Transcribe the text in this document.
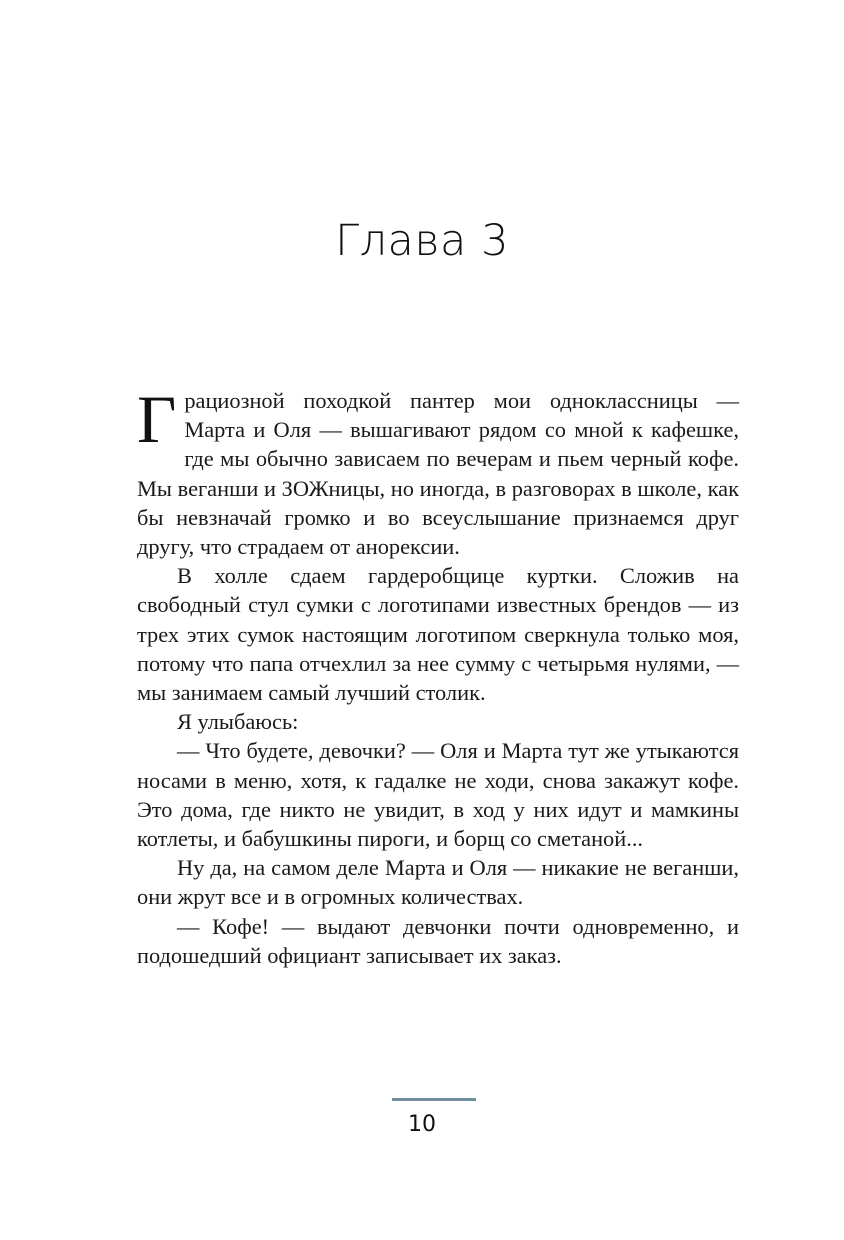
Глава 3

Грациозной походкой пантер мои одноклассницы — Марта и Оля — вышагивают рядом со мной к кафешке, где мы обычно зависаем по вечерам и пьем черный кофе. Мы веганши и ЗОЖницы, но иногда, в разговорах в школе, как бы невзначай громко и во всеуслышание признаемся друг другу, что страдаем от анорексии.

В холле сдаем гардеробщице куртки. Сложив на свободный стул сумки с логотипами известных брендов — из трех этих сумок настоящим логотипом сверкнула только моя, потому что папа отчехлил за нее сумму с четырьмя нулями, — мы занимаем самый лучший столик.

Я улыбаюсь:

— Что будете, девочки? — Оля и Марта тут же утыкаются носами в меню, хотя, к гадалке не ходи, снова закажут кофе. Это дома, где никто не увидит, в ход у них идут и мамкины котлеты, и бабушкины пироги, и борщ со сметаной...

Ну да, на самом деле Марта и Оля — никакие не веганши, они жрут все и в огромных количествах.

— Кофе! — выдают девчонки почти одновременно, и подошедший официант записывает их заказ.

10
